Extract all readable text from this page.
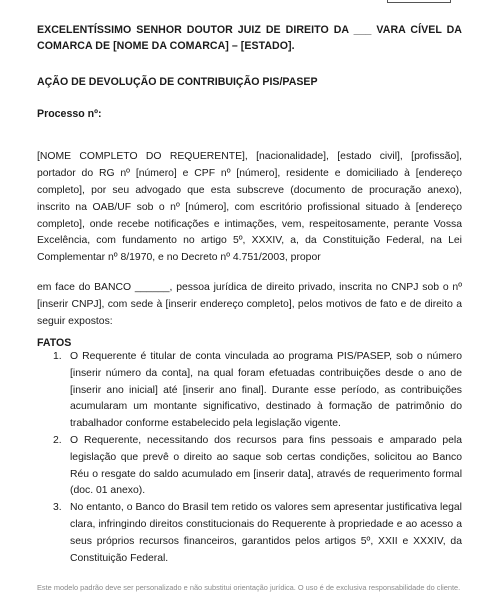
EXCELENTÍSSIMO SENHOR DOUTOR JUIZ DE DIREITO DA ___ VARA CÍVEL DA COMARCA DE [NOME DA COMARCA] – [ESTADO].
AÇÃO DE DEVOLUÇÃO DE CONTRIBUIÇÃO PIS/PASEP
Processo nº:

[NOME COMPLETO DO REQUERENTE], [nacionalidade], [estado civil], [profissão], portador do RG nº [número] e CPF nº [número], residente e domiciliado à [endereço completo], por seu advogado que esta subscreve (documento de procuração anexo), inscrito na OAB/UF sob o nº [número], com escritório profissional situado à [endereço completo], onde recebe notificações e intimações, vem, respeitosamente, perante Vossa Excelência, com fundamento no artigo 5º, XXXIV, a, da Constituição Federal, na Lei Complementar nº 8/1970, e no Decreto nº 4.751/2003, propor

em face do BANCO ______, pessoa jurídica de direito privado, inscrita no CNPJ sob o nº [inserir CNPJ], com sede à [inserir endereço completo], pelos motivos de fato e de direito a seguir expostos:

FATOS
1. O Requerente é titular de conta vinculada ao programa PIS/PASEP, sob o número [inserir número da conta], na qual foram efetuadas contribuições desde o ano de [inserir ano inicial] até [inserir ano final]. Durante esse período, as contribuições acumularam um montante significativo, destinado à formação de patrimônio do trabalhador conforme estabelecido pela legislação vigente.
2. O Requerente, necessitando dos recursos para fins pessoais e amparado pela legislação que prevê o direito ao saque sob certas condições, solicitou ao Banco Réu o resgate do saldo acumulado em [inserir data], através de requerimento formal (doc. 01 anexo).
3. No entanto, o Banco do Brasil tem retido os valores sem apresentar justificativa legal clara, infringindo direitos constitucionais do Requerente à propriedade e ao acesso a seus próprios recursos financeiros, garantidos pelos artigos 5º, XXII e XXXIV, da Constituição Federal.
Este modelo padrão deve ser personalizado e não substitui orientação jurídica. O uso é de exclusiva responsabilidade do cliente.
